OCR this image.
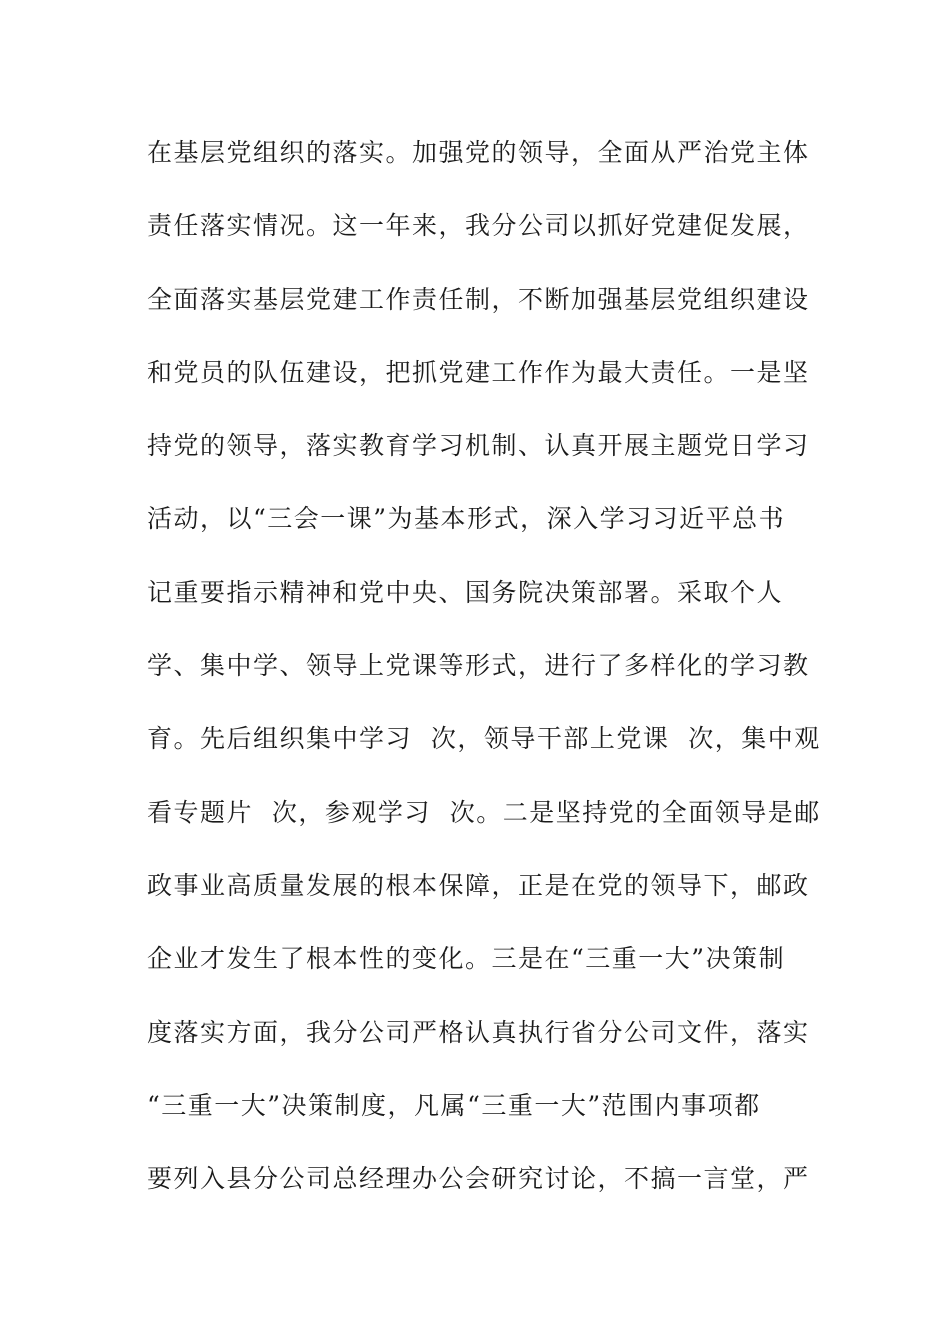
在基层党组织的落实。加强党的领导，全面从严治党主体
责任落实情况。这一年来，我分公司以抓好党建促发展，
全面落实基层党建工作责任制，不断加强基层党组织建设
和党员的队伍建设，把抓党建工作作为最大责任。一是坚
持党的领导，落实教育学习机制、认真开展主题党日学习
活动，以“三会一课”为基本形式，深入学习习近平总书
记重要指示精神和党中央、国务院决策部署。采取个人
学、集中学、领导上党课等形式，进行了多样化的学习教
育。先后组织集中学习  次，领导干部上党课  次，集中观
看专题片  次，参观学习  次。二是坚持党的全面领导是邮
政事业高质量发展的根本保障，正是在党的领导下，邮政
企业才发生了根本性的变化。三是在“三重一大”决策制
度落实方面，我分公司严格认真执行省分公司文件，落实
“三重一大”决策制度，凡属“三重一大”范围内事项都
要列入县分公司总经理办公会研究讨论，不搞一言堂，严
